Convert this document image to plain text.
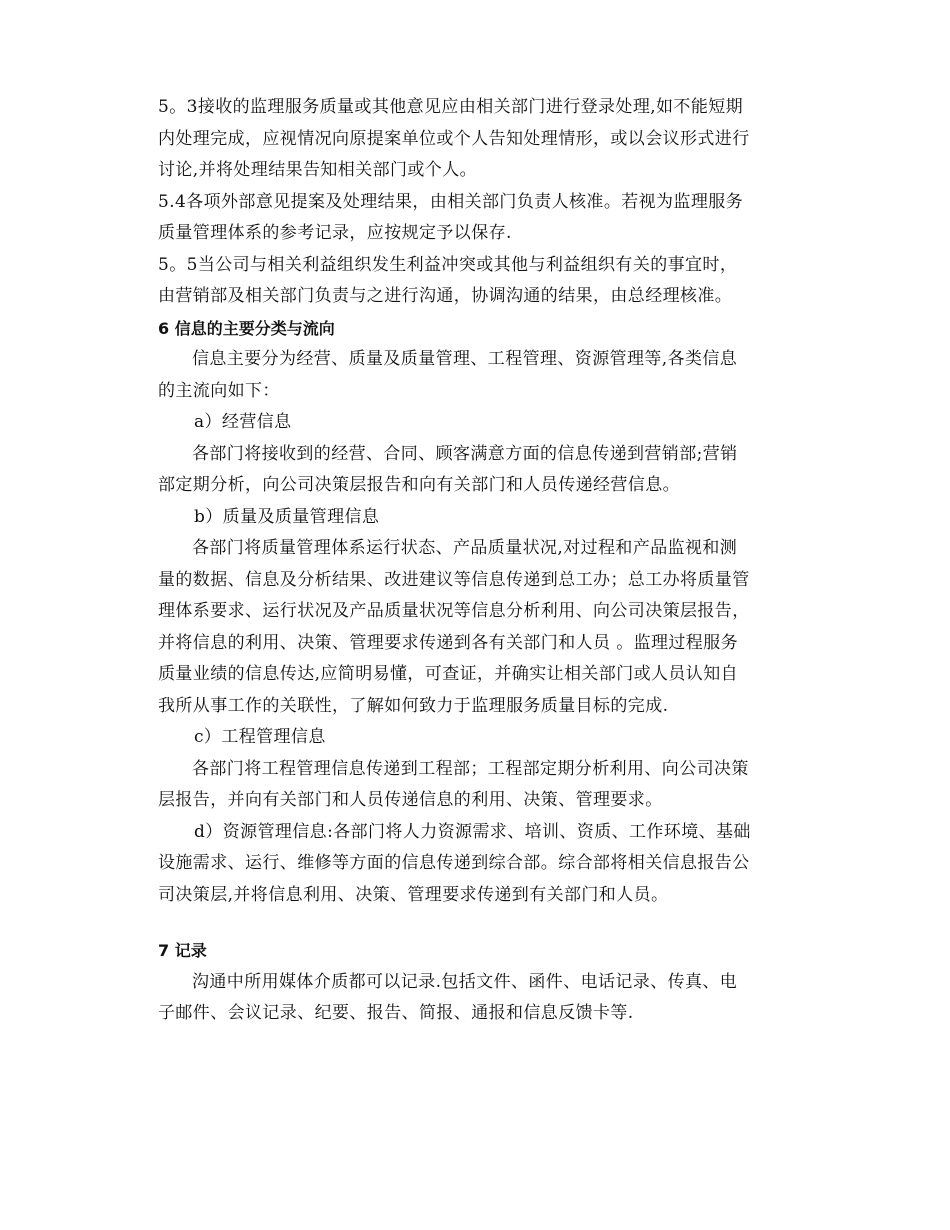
5。3接收的监理服务质量或其他意见应由相关部门进行登录处理,如不能短期
内处理完成，应视情况向原提案单位或个人告知处理情形，或以会议形式进行
讨论,并将处理结果告知相关部门或个人。
5.4各项外部意见提案及处理结果，由相关部门负责人核准。若视为监理服务
质量管理体系的参考记录，应按规定予以保存.
5。5当公司与相关利益组织发生利益冲突或其他与利益组织有关的事宜时，
由营销部及相关部门负责与之进行沟通，协调沟通的结果，由总经理核准。
6 信息的主要分类与流向
信息主要分为经营、质量及质量管理、工程管理、资源管理等,各类信息
的主流向如下：
a）经营信息
各部门将接收到的经营、合同、顾客满意方面的信息传递到营销部;营销
部定期分析，向公司决策层报告和向有关部门和人员传递经营信息。
b）质量及质量管理信息
各部门将质量管理体系运行状态、产品质量状况,对过程和产品监视和测
量的数据、信息及分析结果、改进建议等信息传递到总工办；总工办将质量管
理体系要求、运行状况及产品质量状况等信息分析利用、向公司决策层报告，
并将信息的利用、决策、管理要求传递到各有关部门和人员 。监理过程服务
质量业绩的信息传达,应简明易懂，可查证，并确实让相关部门或人员认知自
我所从事工作的关联性，了解如何致力于监理服务质量目标的完成.
c）工程管理信息
各部门将工程管理信息传递到工程部；工程部定期分析利用、向公司决策
层报告，并向有关部门和人员传递信息的利用、决策、管理要求。
d）资源管理信息:各部门将人力资源需求、培训、资质、工作环境、基础
设施需求、运行、维修等方面的信息传递到综合部。综合部将相关信息报告公
司决策层,并将信息利用、决策、管理要求传递到有关部门和人员。
7 记录
沟通中所用媒体介质都可以记录.包括文件、函件、电话记录、传真、电
子邮件、会议记录、纪要、报告、简报、通报和信息反馈卡等.
